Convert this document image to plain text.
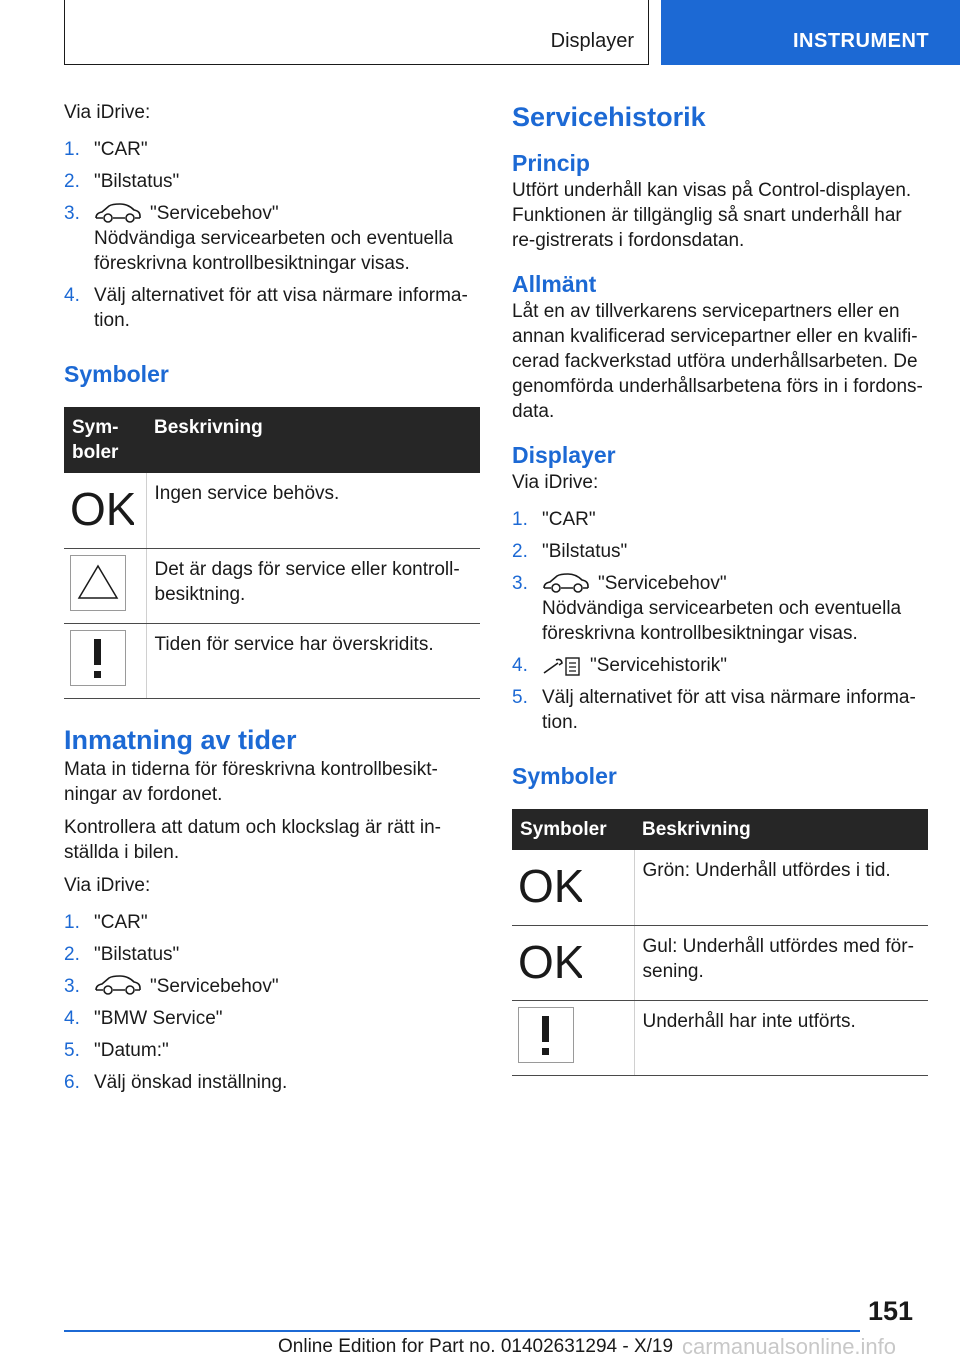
Displayer	INSTRUMENT
Via iDrive:
1. "CAR"
2. "Bilstatus"
3.	"Servicebehov"
Nödvändiga servicearbeten och eventuella föreskrivna kontrollbesiktningar visas.
4. Välj alternativet för att visa närmare informa-tion.
Symboler
Sym-boler	Beskrivning

OK	Ingen service behövs.

	Det är dags för service eller kontroll-besiktning.

	Tiden för service har överskridits.
Inmatning av tider
Mata in tiderna för föreskrivna kontrollbesikt-ningar av fordonet.
Kontrollera att datum och klockslag är rätt in-ställda i bilen.
Via iDrive:
1. "CAR"
2. "Bilstatus"
3.	"Servicebehov"
4. "BMW Service"
5. "Datum:"
6. Välj önskad inställning.
Servicehistorik
Princip
Utfört underhåll kan visas på Control-displayen. Funktionen är tillgänglig så snart underhåll har re-gistrerats i fordonsdatan.
Allmänt
Låt en av tillverkarens servicepartners eller en annan kvalificerad servicepartner eller en kvalifi-cerad fackverkstad utföra underhållsarbeten. De genomförda underhållsarbetena förs in i fordons-data.
Displayer
Via iDrive:
1. "CAR"
2. "Bilstatus"
3.	"Servicebehov"
Nödvändiga servicearbeten och eventuella föreskrivna kontrollbesiktningar visas.
4.	"Servicehistorik"
5. Välj alternativet för att visa närmare informa-tion.
Symboler
Symboler	Beskrivning

OK	Grön: Underhåll utfördes i tid.

OK	Gul: Underhåll utfördes med för-sening.

	Underhåll har inte utförts.
151
Online Edition for Part no. 01402631294 - X/19 carmanualsonline.info
